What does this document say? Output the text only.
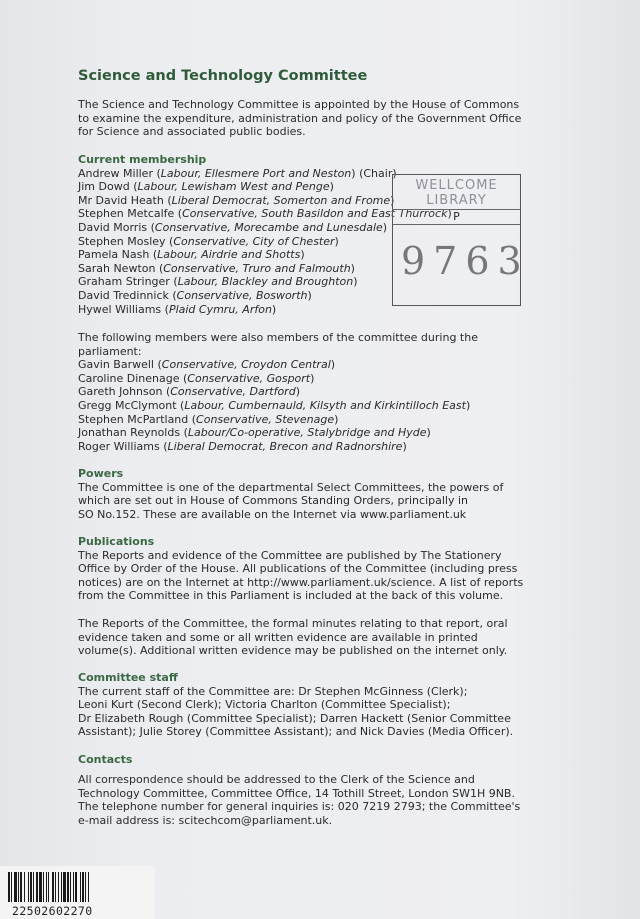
Science and Technology Committee
The Science and Technology Committee is appointed by the House of Commons
to examine the expenditure, administration and policy of the Government Office
for Science and associated public bodies.
Current membership
Andrew Miller (Labour, Ellesmere Port and Neston) (Chair)
Jim Dowd (Labour, Lewisham West and Penge)
Mr David Heath (Liberal Democrat, Somerton and Frome)
Stephen Metcalfe (Conservative, South Basildon and East Thurrock)
David Morris (Conservative, Morecambe and Lunesdale)
Stephen Mosley (Conservative, City of Chester)
Pamela Nash (Labour, Airdrie and Shotts)
Sarah Newton (Conservative, Truro and Falmouth)
Graham Stringer (Labour, Blackley and Broughton)
David Tredinnick (Conservative, Bosworth)
Hywel Williams (Plaid Cymru, Arfon)
The following members were also members of the committee during the
parliament:
Gavin Barwell (Conservative, Croydon Central)
Caroline Dinenage (Conservative, Gosport)
Gareth Johnson (Conservative, Dartford)
Gregg McClymont (Labour, Cumbernauld, Kilsyth and Kirkintilloch East)
Stephen McPartland (Conservative, Stevenage)
Jonathan Reynolds (Labour/Co-operative, Stalybridge and Hyde)
Roger Williams (Liberal Democrat, Brecon and Radnorshire)
Powers
The Committee is one of the departmental Select Committees, the powers of
which are set out in House of Commons Standing Orders, principally in
SO No.152. These are available on the Internet via www.parliament.uk
Publications
The Reports and evidence of the Committee are published by The Stationery
Office by Order of the House. All publications of the Committee (including press
notices) are on the Internet at http://www.parliament.uk/science. A list of reports
from the Committee in this Parliament is included at the back of this volume.
The Reports of the Committee, the formal minutes relating to that report, oral
evidence taken and some or all written evidence are available in printed
volume(s). Additional written evidence may be published on the internet only.
Committee staff
The current staff of the Committee are: Dr Stephen McGinness (Clerk);
Leoni Kurt (Second Clerk); Victoria Charlton (Committee Specialist);
Dr Elizabeth Rough (Committee Specialist); Darren Hackett (Senior Committee
Assistant); Julie Storey (Committee Assistant); and Nick Davies (Media Officer).
Contacts
All correspondence should be addressed to the Clerk of the Science and
Technology Committee, Committee Office, 14 Tothill Street, London SW1H 9NB.
The telephone number for general inquiries is: 020 7219 2793; the Committee's
e-mail address is: scitechcom@parliament.uk.
WELLCOME
LIBRARY
P
9763
22502602270
